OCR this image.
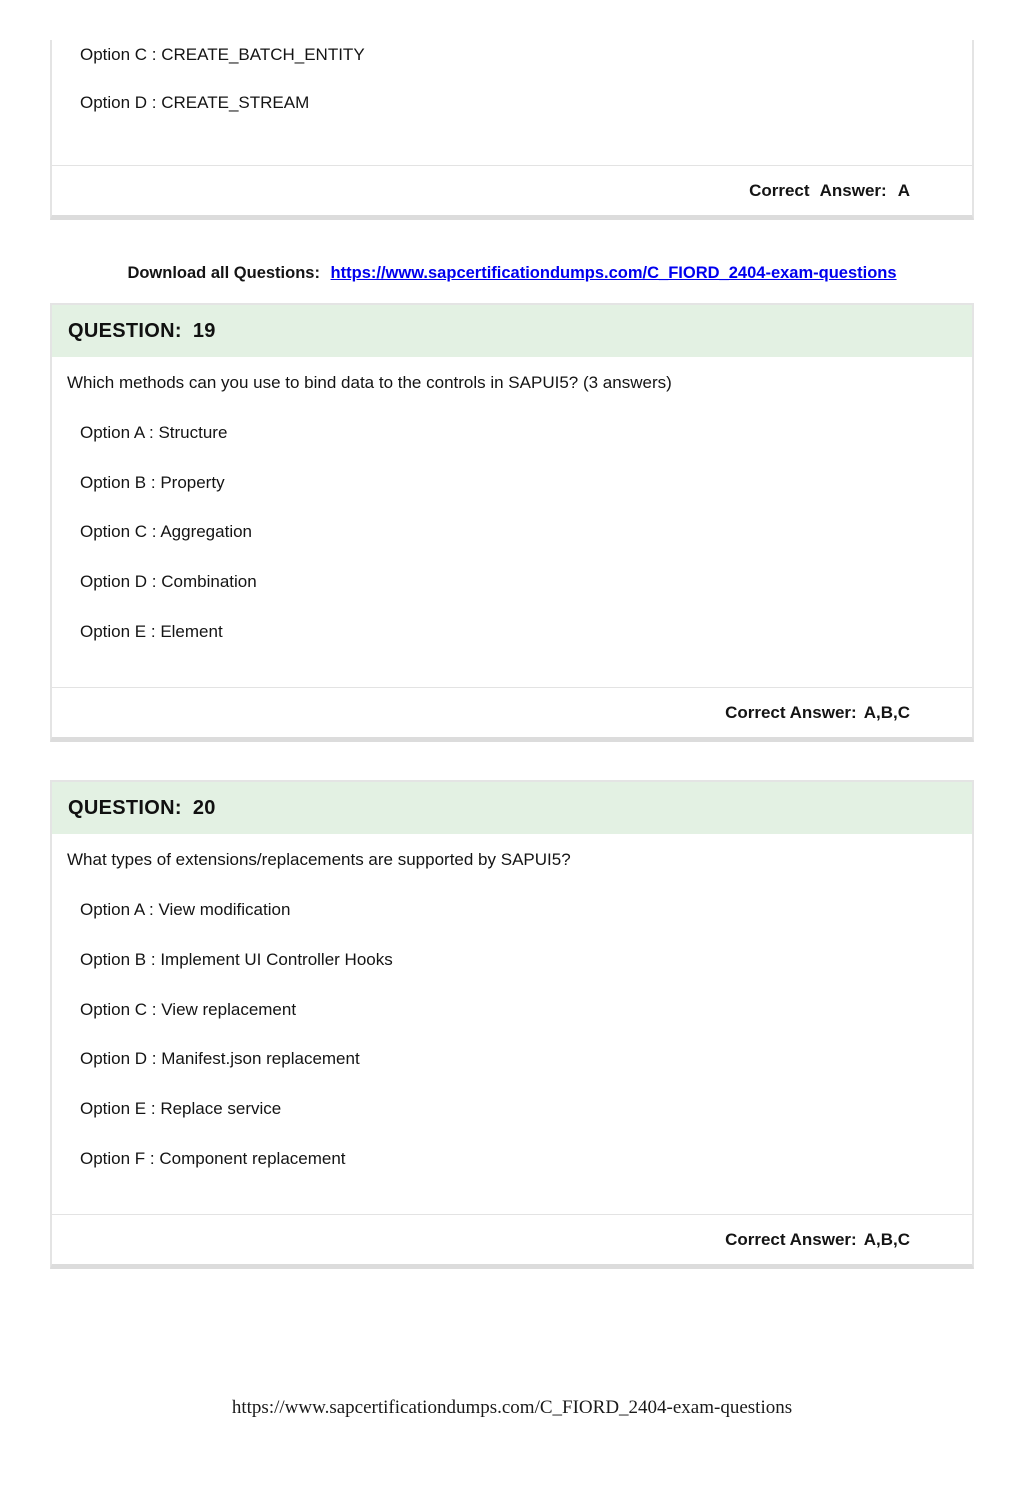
Option C : CREATE_BATCH_ENTITY

Option D : CREATE_STREAM

Correct Answer: A
Download all Questions: https://www.sapcertificationdumps.com/C_FIORD_2404-exam-questions
QUESTION: 19

Which methods can you use to bind data to the controls in SAPUI5? (3 answers)

Option A : Structure

Option B : Property

Option C : Aggregation

Option D : Combination

Option E : Element

Correct Answer: A,B,C
QUESTION: 20

What types of extensions/replacements are supported by SAPUI5?

Option A : View modification

Option B : Implement UI Controller Hooks

Option C : View replacement

Option D : Manifest.json replacement

Option E : Replace service

Option F : Component replacement

Correct Answer: A,B,C
https://www.sapcertificationdumps.com/C_FIORD_2404-exam-questions
